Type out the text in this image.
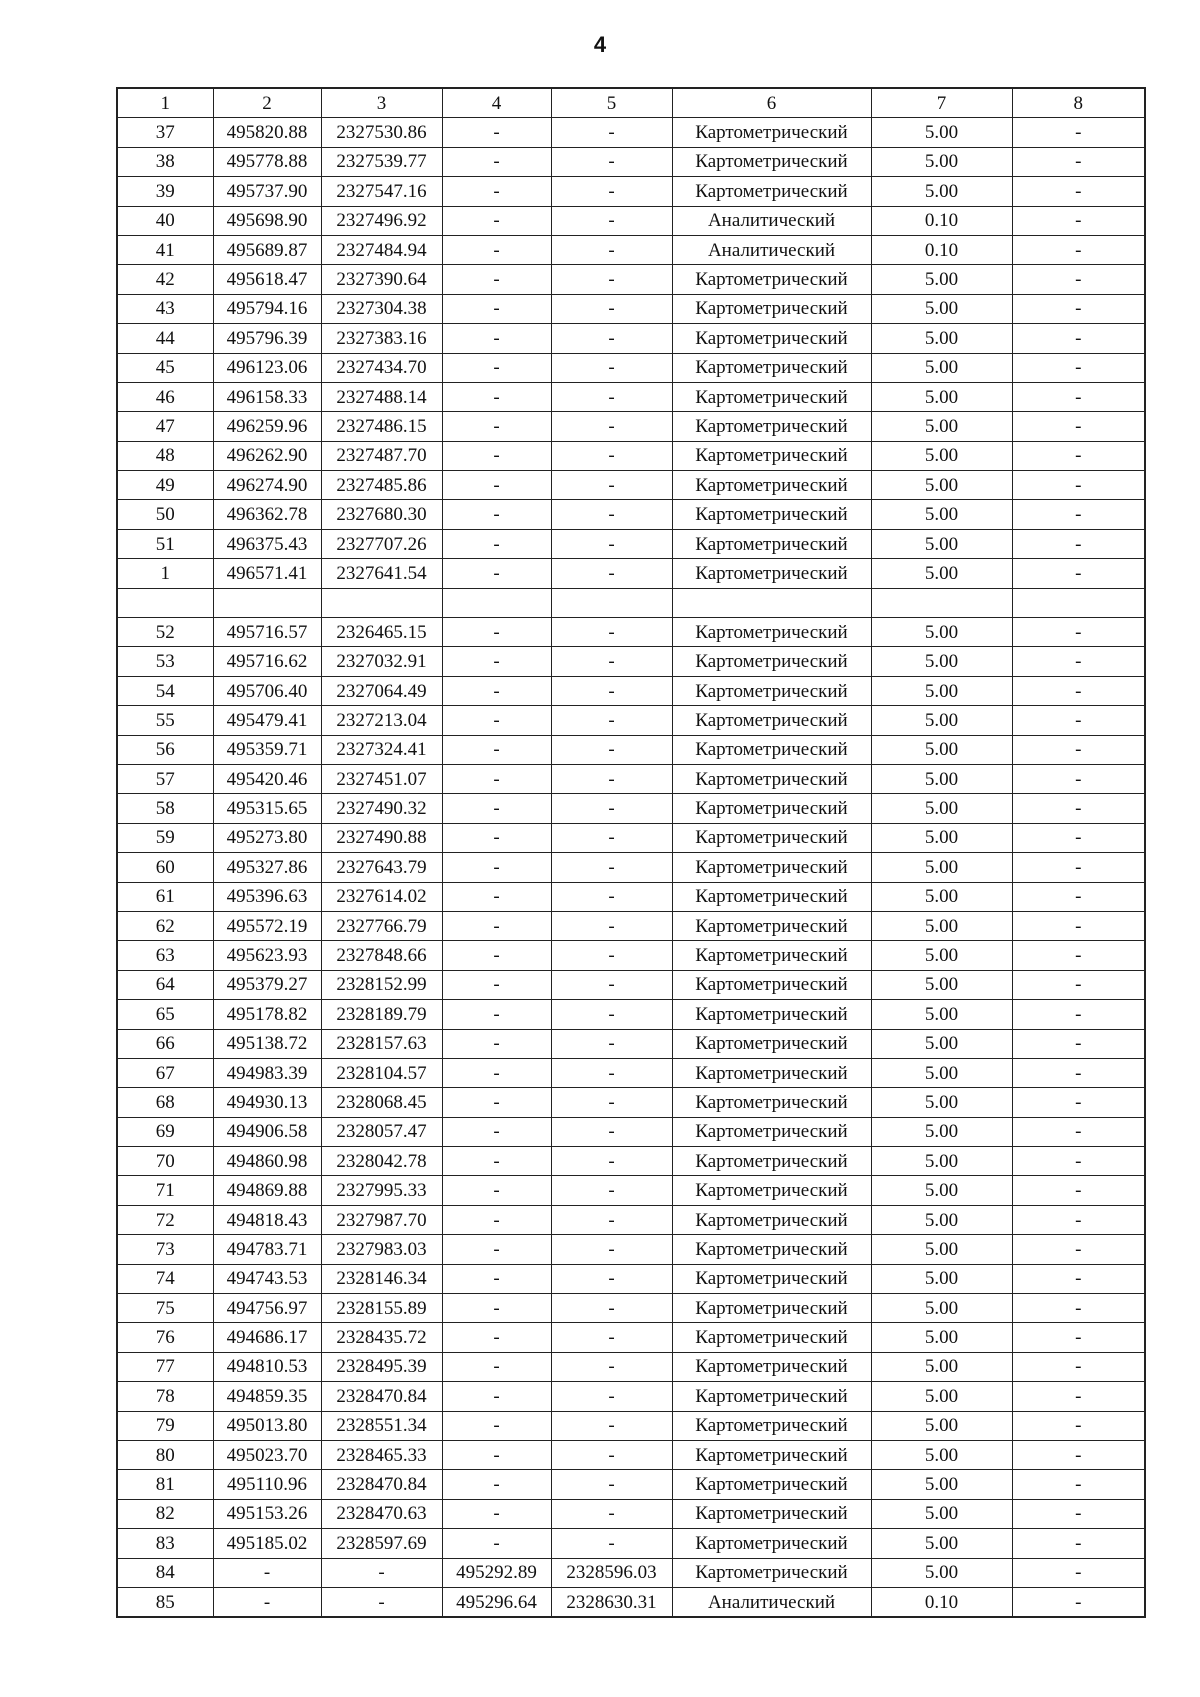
4
1	2	3	4	5	6	7	8
37	495820.88	2327530.86	-	-	Картометрический	5.00	-
38	495778.88	2327539.77	-	-	Картометрический	5.00	-
39	495737.90	2327547.16	-	-	Картометрический	5.00	-
40	495698.90	2327496.92	-	-	Аналитический	0.10	-
41	495689.87	2327484.94	-	-	Аналитический	0.10	-
42	495618.47	2327390.64	-	-	Картометрический	5.00	-
43	495794.16	2327304.38	-	-	Картометрический	5.00	-
44	495796.39	2327383.16	-	-	Картометрический	5.00	-
45	496123.06	2327434.70	-	-	Картометрический	5.00	-
46	496158.33	2327488.14	-	-	Картометрический	5.00	-
47	496259.96	2327486.15	-	-	Картометрический	5.00	-
48	496262.90	2327487.70	-	-	Картометрический	5.00	-
49	496274.90	2327485.86	-	-	Картометрический	5.00	-
50	496362.78	2327680.30	-	-	Картометрический	5.00	-
51	496375.43	2327707.26	-	-	Картометрический	5.00	-
1	496571.41	2327641.54	-	-	Картометрический	5.00	-

52	495716.57	2326465.15	-	-	Картометрический	5.00	-
53	495716.62	2327032.91	-	-	Картометрический	5.00	-
54	495706.40	2327064.49	-	-	Картометрический	5.00	-
55	495479.41	2327213.04	-	-	Картометрический	5.00	-
56	495359.71	2327324.41	-	-	Картометрический	5.00	-
57	495420.46	2327451.07	-	-	Картометрический	5.00	-
58	495315.65	2327490.32	-	-	Картометрический	5.00	-
59	495273.80	2327490.88	-	-	Картометрический	5.00	-
60	495327.86	2327643.79	-	-	Картометрический	5.00	-
61	495396.63	2327614.02	-	-	Картометрический	5.00	-
62	495572.19	2327766.79	-	-	Картометрический	5.00	-
63	495623.93	2327848.66	-	-	Картометрический	5.00	-
64	495379.27	2328152.99	-	-	Картометрический	5.00	-
65	495178.82	2328189.79	-	-	Картометрический	5.00	-
66	495138.72	2328157.63	-	-	Картометрический	5.00	-
67	494983.39	2328104.57	-	-	Картометрический	5.00	-
68	494930.13	2328068.45	-	-	Картометрический	5.00	-
69	494906.58	2328057.47	-	-	Картометрический	5.00	-
70	494860.98	2328042.78	-	-	Картометрический	5.00	-
71	494869.88	2327995.33	-	-	Картометрический	5.00	-
72	494818.43	2327987.70	-	-	Картометрический	5.00	-
73	494783.71	2327983.03	-	-	Картометрический	5.00	-
74	494743.53	2328146.34	-	-	Картометрический	5.00	-
75	494756.97	2328155.89	-	-	Картометрический	5.00	-
76	494686.17	2328435.72	-	-	Картометрический	5.00	-
77	494810.53	2328495.39	-	-	Картометрический	5.00	-
78	494859.35	2328470.84	-	-	Картометрический	5.00	-
79	495013.80	2328551.34	-	-	Картометрический	5.00	-
80	495023.70	2328465.33	-	-	Картометрический	5.00	-
81	495110.96	2328470.84	-	-	Картометрический	5.00	-
82	495153.26	2328470.63	-	-	Картометрический	5.00	-
83	495185.02	2328597.69	-	-	Картометрический	5.00	-
84	-	-	495292.89	2328596.03	Картометрический	5.00	-
85	-	-	495296.64	2328630.31	Аналитический	0.10	-
